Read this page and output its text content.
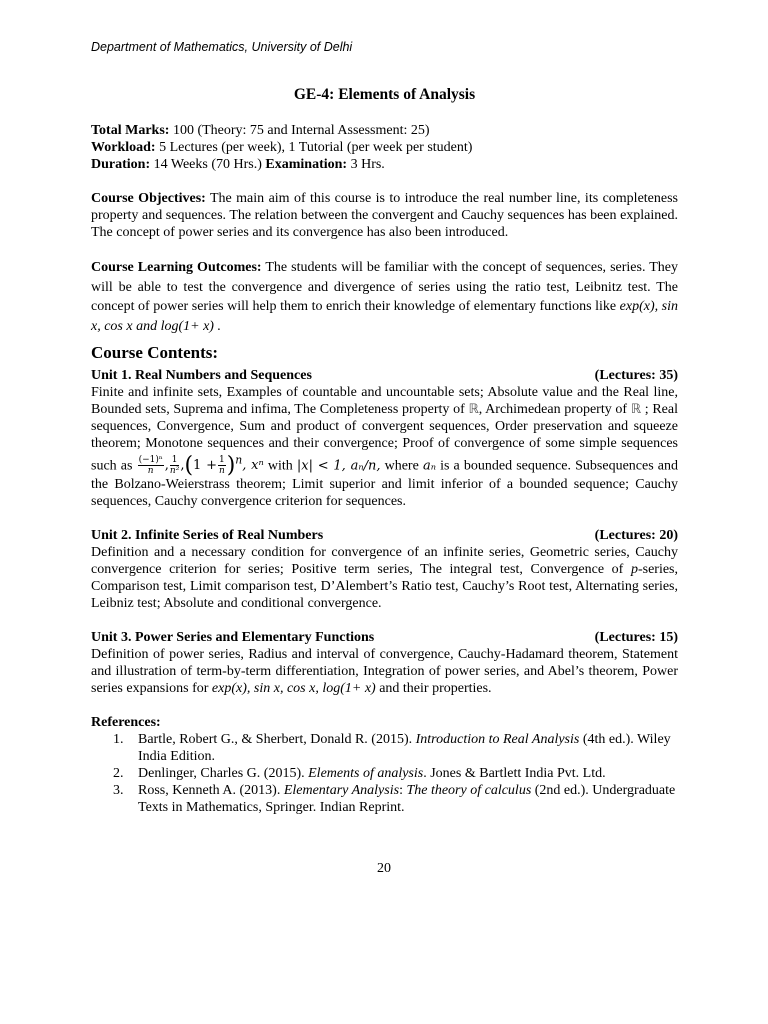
Department of Mathematics, University of Delhi
GE-4: Elements of Analysis
Total Marks: 100 (Theory: 75 and Internal Assessment: 25)
Workload: 5 Lectures (per week), 1 Tutorial (per week per student)
Duration: 14 Weeks (70 Hrs.) Examination: 3 Hrs.

Course Objectives: The main aim of this course is to introduce the real number line, its completeness property and sequences. The relation between the convergent and Cauchy sequences has been explained. The concept of power series and its convergence has also been introduced.

Course Learning Outcomes: The students will be familiar with the concept of sequences, series. They will be able to test the convergence and divergence of series using the ratio test, Leibnitz test. The concept of power series will help them to enrich their knowledge of elementary functions like exp(x), sin x, cos x and log(1+ x) .

Course Contents:
Unit 1. Real Numbers and Sequences	(Lectures: 35)

Finite and infinite sets, Examples of countable and uncountable sets; Absolute value and the Real line, Bounded sets, Suprema and infima, The Completeness property of ℝ, Archimedean property of ℝ ; Real sequences, Convergence, Sum and product of convergent sequences, Order preservation and squeeze theorem; Monotone sequences and their convergence; Proof of convergence of some simple sequences such as $\frac{\text{(−1)ⁿ}}{n}$ , $\frac{1}{\text{n²}} ,(1 + \frac{1}{n} )^n$, xⁿ with |x| < 1, aₙ/n, where aₙ is a bounded sequence. Subsequences and the Bolzano-Weierstrass theorem; Limit superior and limit inferior of a bounded sequence; Cauchy sequences, Cauchy convergence criterion for sequences.

Unit 2. Infinite Series of Real Numbers	(Lectures: 20)

Definition and a necessary condition for convergence of an infinite series, Geometric series, Cauchy convergence criterion for series; Positive term series, The integral test, Convergence of p-series, Comparison test, Limit comparison test, D’Alembert’s Ratio test, Cauchy’s Root test, Alternating series, Leibniz test; Absolute and conditional convergence.

Unit 3. Power Series and Elementary Functions	(Lectures: 15)

Definition of power series, Radius and interval of convergence, Cauchy-Hadamard theorem, Statement and illustration of term-by-term differentiation, Integration of power series, and Abel’s theorem, Power series expansions for exp(x), sin x, cos x, log(1+ x) and their properties.

References:
1.	Bartle, Robert G., & Sherbert, Donald R. (2015). Introduction to Real Analysis (4th ed.). Wiley India Edition.
2.	Denlinger, Charles G. (2015). Elements of analysis. Jones & Bartlett India Pvt. Ltd.
3.	Ross, Kenneth A. (2013). Elementary Analysis: The theory of calculus (2nd ed.). Undergraduate Texts in Mathematics, Springer. Indian Reprint.
20
